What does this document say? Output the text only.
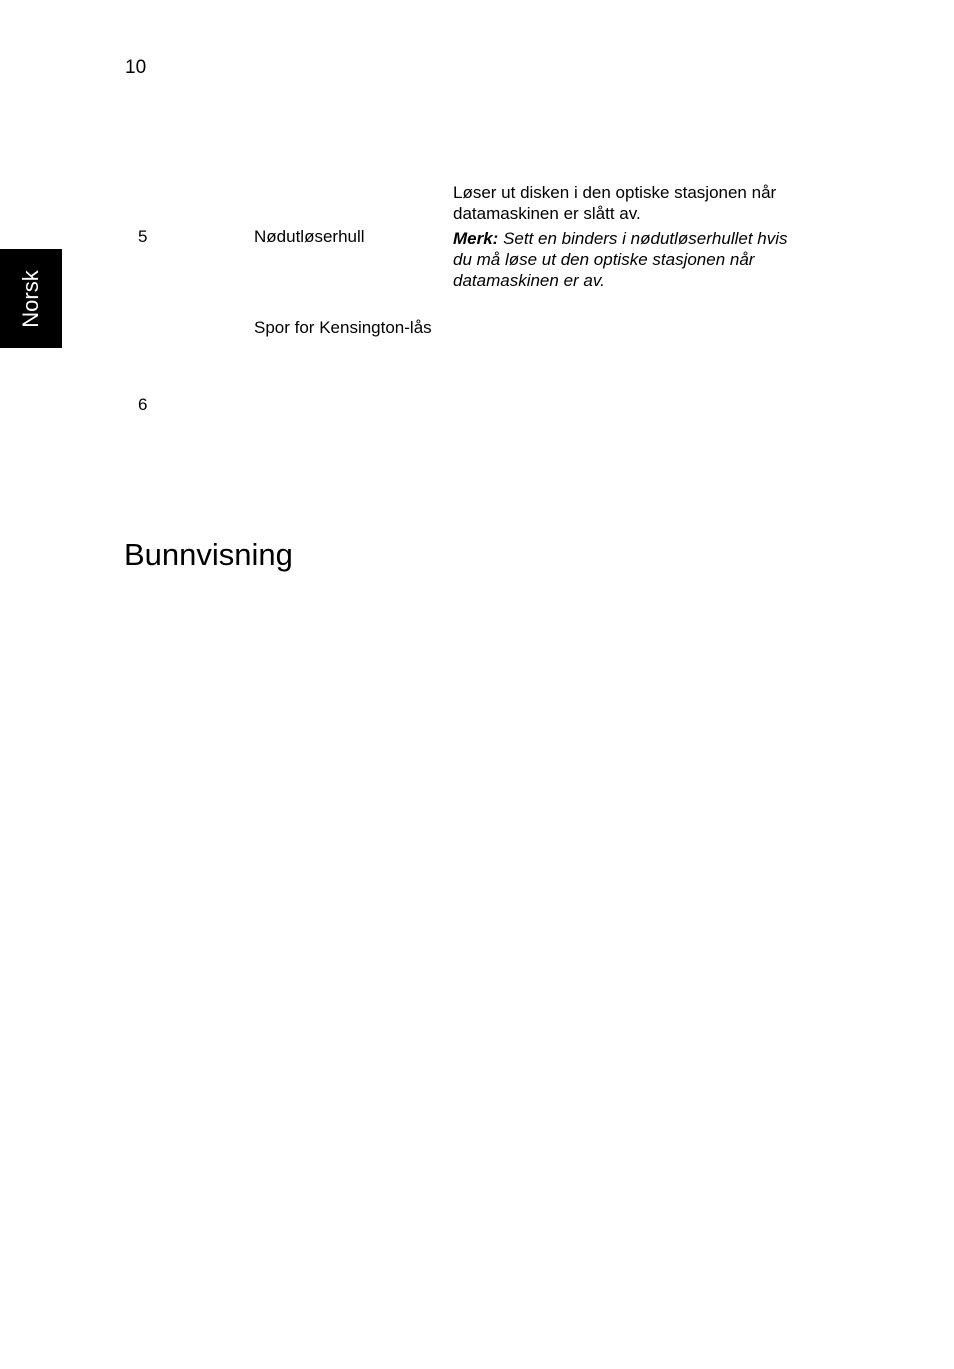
10
Norsk
5	Nødutløserhull
Løser ut disken i den optiske stasjonen når datamaskinen er slått av.
Merk: Sett en binders i nødutløserhullet hvis du må løse ut den optiske stasjonen når datamaskinen er av.
Spor for Kensington-lås
6
Bunnvisning
